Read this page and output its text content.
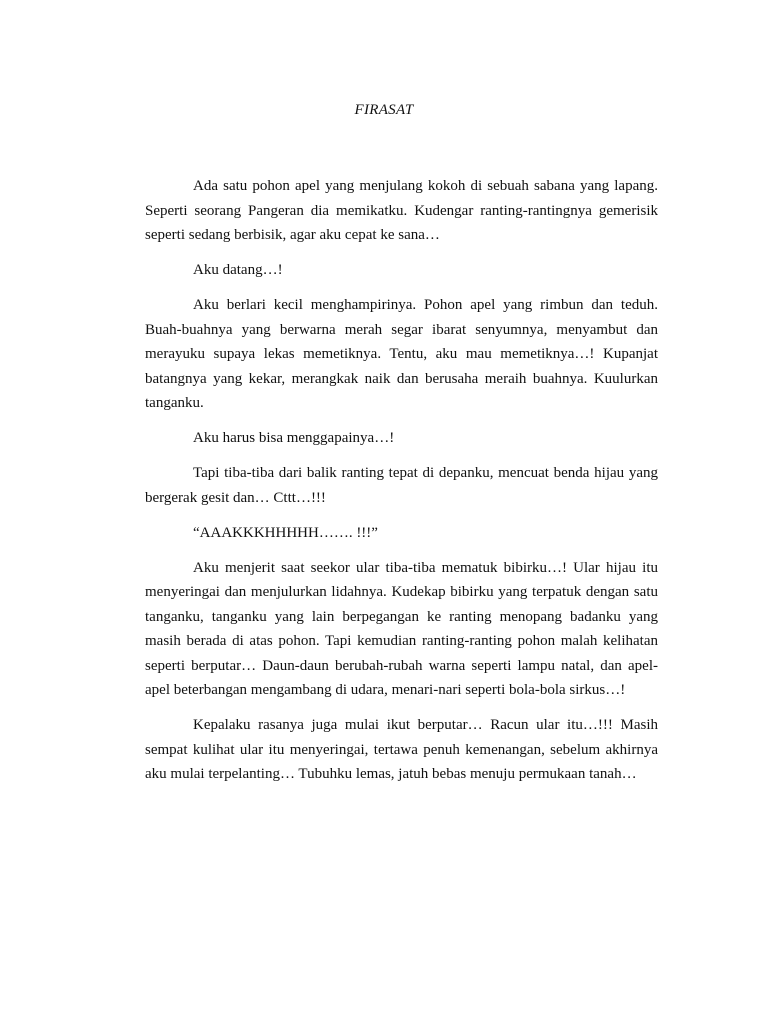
FIRASAT

Ada satu pohon apel yang menjulang kokoh di sebuah sabana yang lapang. Seperti seorang Pangeran dia memikatku. Kudengar ranting-rantingnya gemerisik seperti sedang berbisik, agar aku cepat ke sana…

Aku datang…!

Aku berlari kecil menghampirinya. Pohon apel yang rimbun dan teduh. Buah-buahnya yang berwarna merah segar ibarat senyumnya, menyambut dan merayuku supaya lekas memetiknya. Tentu, aku mau memetiknya…! Kupanjat batangnya yang kekar, merangkak naik dan berusaha meraih buahnya. Kuulurkan tanganku.

Aku harus bisa menggapainya…!

Tapi tiba-tiba dari balik ranting tepat di depanku, mencuat benda hijau yang bergerak gesit dan… Cttt…!!!

“AAAKKKHHHHH……. !!!”

Aku menjerit saat seekor ular tiba-tiba mematuk bibirku…! Ular hijau itu menyeringai dan menjulurkan lidahnya. Kudekap bibirku yang terpatuk dengan satu tanganku, tanganku yang lain berpegangan ke ranting menopang badanku yang masih berada di atas pohon. Tapi kemudian ranting-ranting pohon malah kelihatan seperti berputar… Daun-daun berubah-rubah warna seperti lampu natal, dan apel-apel beterbangan mengambang di udara, menari-nari seperti bola-bola sirkus…!

Kepalaku rasanya juga mulai ikut berputar… Racun ular itu…!!! Masih sempat kulihat ular itu menyeringai, tertawa penuh kemenangan, sebelum akhirnya aku mulai terpelanting… Tubuhku lemas, jatuh bebas menuju permukaan tanah…
